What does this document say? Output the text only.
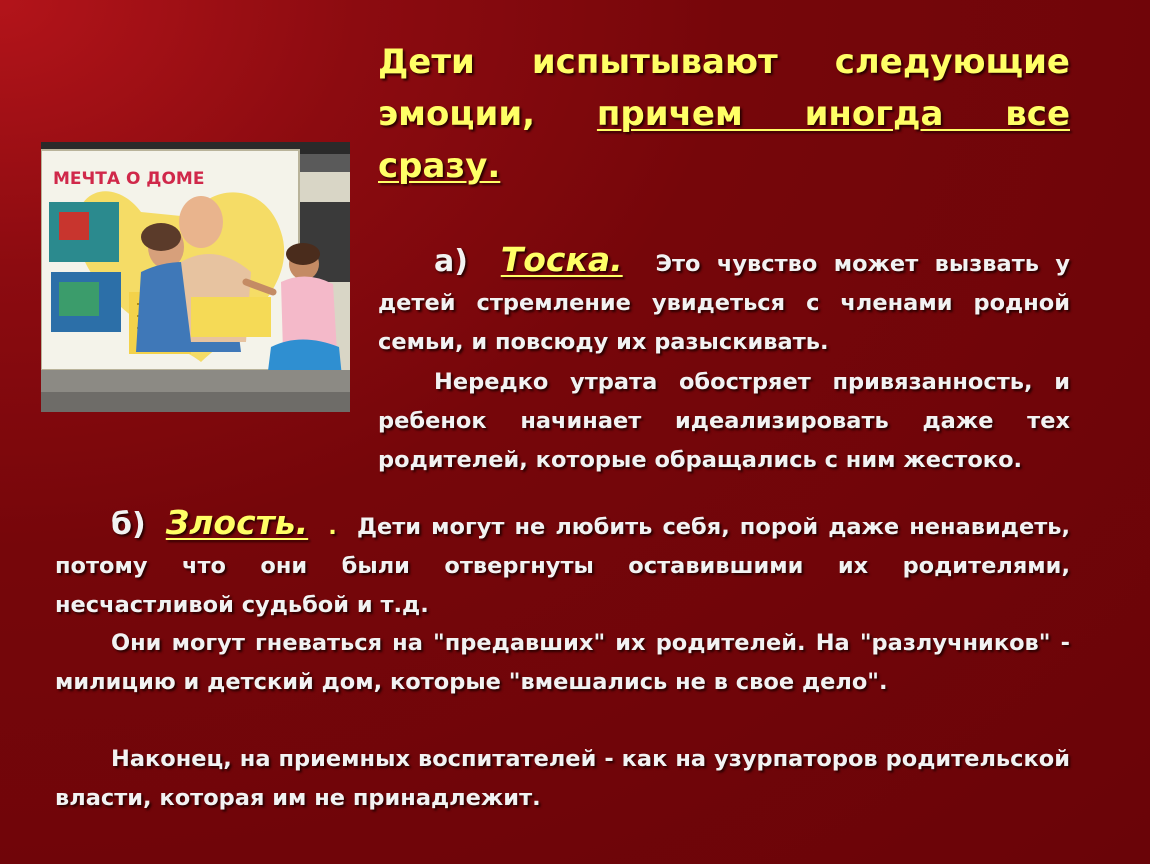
МЕЧТА О ДОМЕ
Дети испытывают следующие
эмоции, причем иногда все
сразу.

а) Тоска. Это чувство может вызвать у детей стремление увидеться с членами родной семьи, и повсюду их разыскивать.

Нередко утрата обостряет привязанность, и ребенок начинает идеализировать даже тех родителей, которые обращались с ним жестоко.

б) Злость. . Дети могут не любить себя, порой даже ненавидеть, потому что они были отвергнуты оставившими их родителями, несчастливой судьбой и т.д.

Они могут гневаться на "предавших" их родителей. На "разлучников" - милицию и детский дом, которые "вмешались не в свое дело".

Наконец, на приемных воспитателей - как на узурпаторов родительской власти, которая им не принадлежит.
